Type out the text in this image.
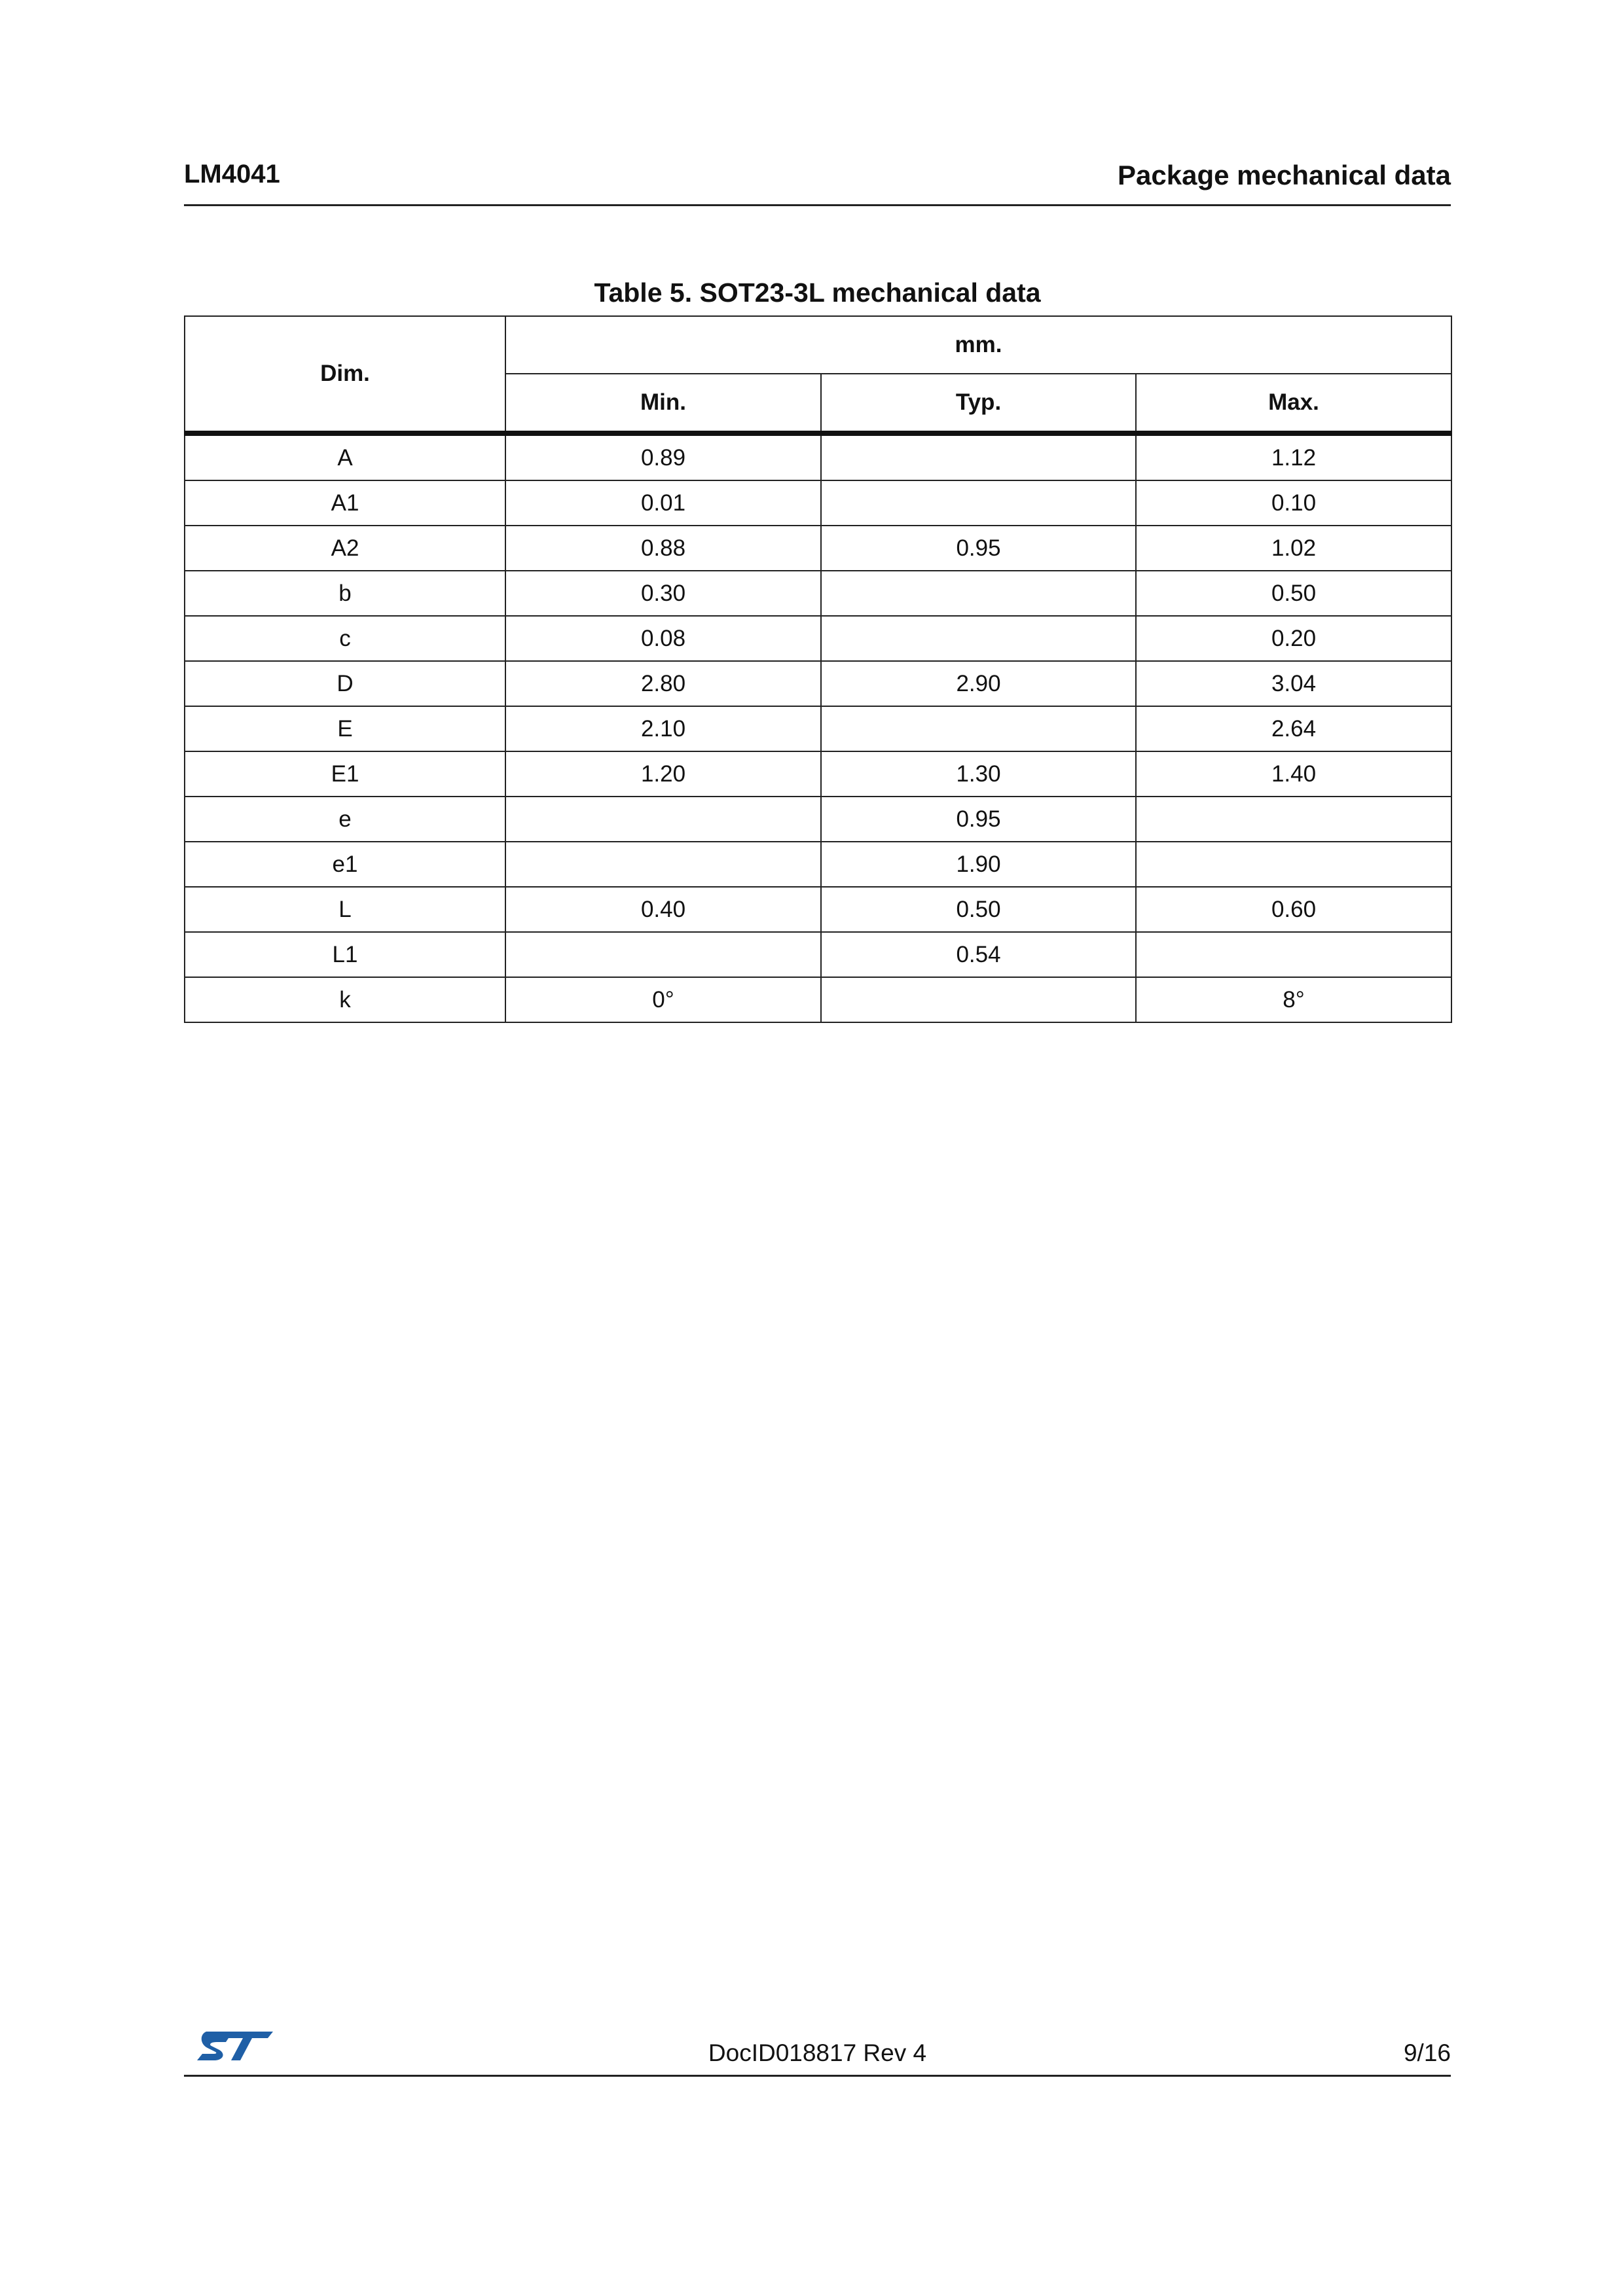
LM4041	Package mechanical data
Table 5. SOT23-3L mechanical data
Dim.	mm.		
	Min.	Typ.	Max.
A	0.89		1.12
A1	0.01		0.10
A2	0.88	0.95	1.02
b	0.30		0.50
c	0.08		0.20
D	2.80	2.90	3.04
E	2.10		2.64
E1	1.20	1.30	1.40
e		0.95	
e1		1.90	
L	0.40	0.50	0.60
L1		0.54	
k	0°		8°
DocID018817 Rev 4	9/16
